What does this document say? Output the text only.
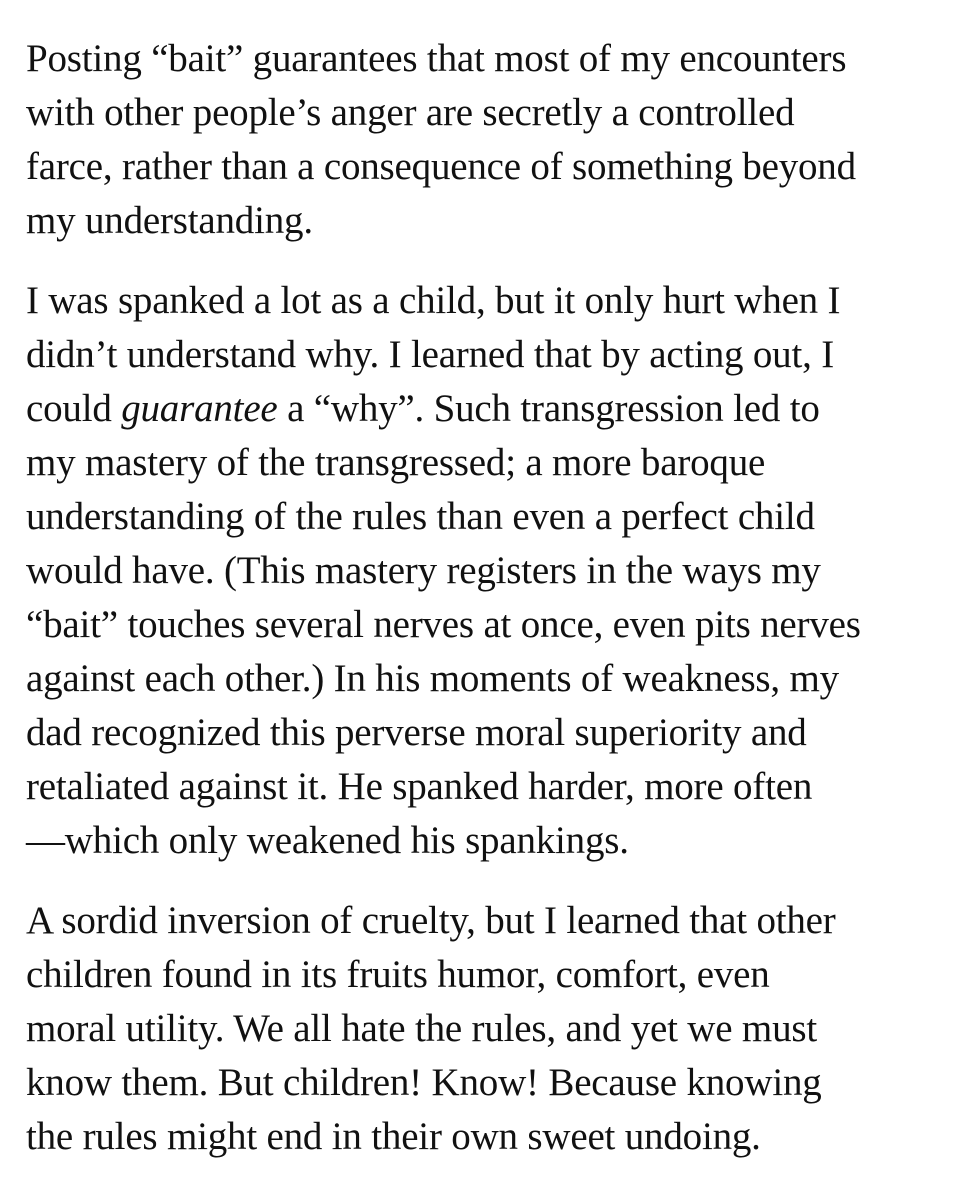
Posting “bait” guarantees that most of my encounters
with other people’s anger are secretly a controlled
farce, rather than a consequence of something beyond
my understanding.

I was spanked a lot as a child, but it only hurt when I
didn’t understand why. I learned that by acting out, I
could guarantee a “why”. Such transgression led to
my mastery of the transgressed; a more baroque
understanding of the rules than even a perfect child
would have. (This mastery registers in the ways my
“bait” touches several nerves at once, even pits nerves
against each other.) In his moments of weakness, my
dad recognized this perverse moral superiority and
retaliated against it. He spanked harder, more often
—which only weakened his spankings.

A sordid inversion of cruelty, but I learned that other
children found in its fruits humor, comfort, even
moral utility. We all hate the rules, and yet we must
know them. But children! Know! Because knowing
the rules might end in their own sweet undoing.
